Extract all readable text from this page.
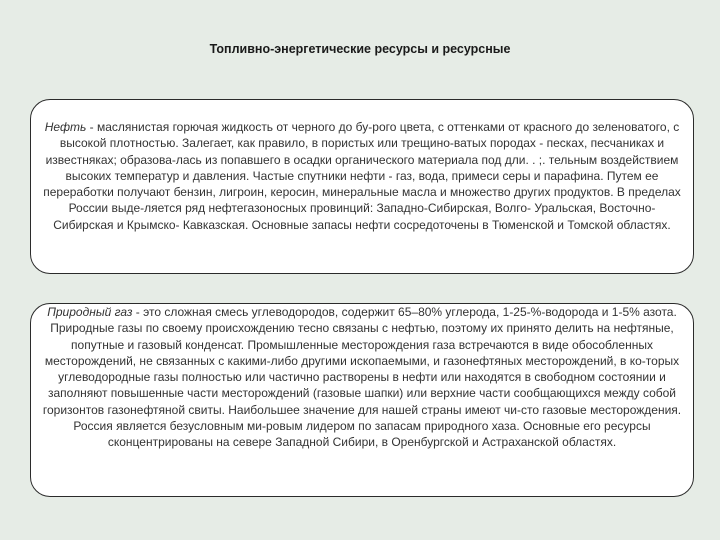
Топливно-энергетические ресурсы и ресурсные
Нефть - маслянистая горючая жидкость от черного до бу-рого цвета, с оттенками от красного до зеленоватого, с высокой плотностью. Залегает, как правило, в пористых или трещино-ватых породах - песках, песчаниках и известняках; образова-лась из попавшего в осадки органического материала под дли. . ;. тельным воздействием высоких температур и давления. Частые спутники нефти - газ, вода, примеси серы и парафина. Путем ее переработки получают бензин, лигроин, керосин, минеральные масла и множество других продуктов. В пределах России выде-ляется ряд нефтегазоносных провинций: Западно-Сибирская, Волго- Уральская, Восточно-Сибирская и Крымско- Кавказская. Основные запасы нефти сосредоточены в Тюменской и Томской областях.
Природный газ - это сложная смесь углеводородов, содержит 65–80% углерода, 1-25-%-водорода и 1-5% азота. Природные газы по своему происхождению тесно связаны с нефтью, поэтому их принято делить на нефтяные, попутные и газовый конденсат. Промышленные месторождения газа встречаются в виде обособленных месторождений, не связанных с какими-либо другими ископаемыми, и газонефтяных месторождений, в ко-торых углеводородные газы полностью или частично растворены в нефти или находятся в свободном состоянии и заполняют повышенные части месторождений (газовые шапки) или верхние части сообщающихся между собой горизонтов газонефтяной свиты. Наибольшее значение для нашей страны имеют чи-сто газовые месторождения. Россия является безусловным ми-ровым лидером по запасам природного хаза. Основные его ресурсы сконцентрированы на севере Западной Сибири, в Оренбургской и Астраханской областях.
